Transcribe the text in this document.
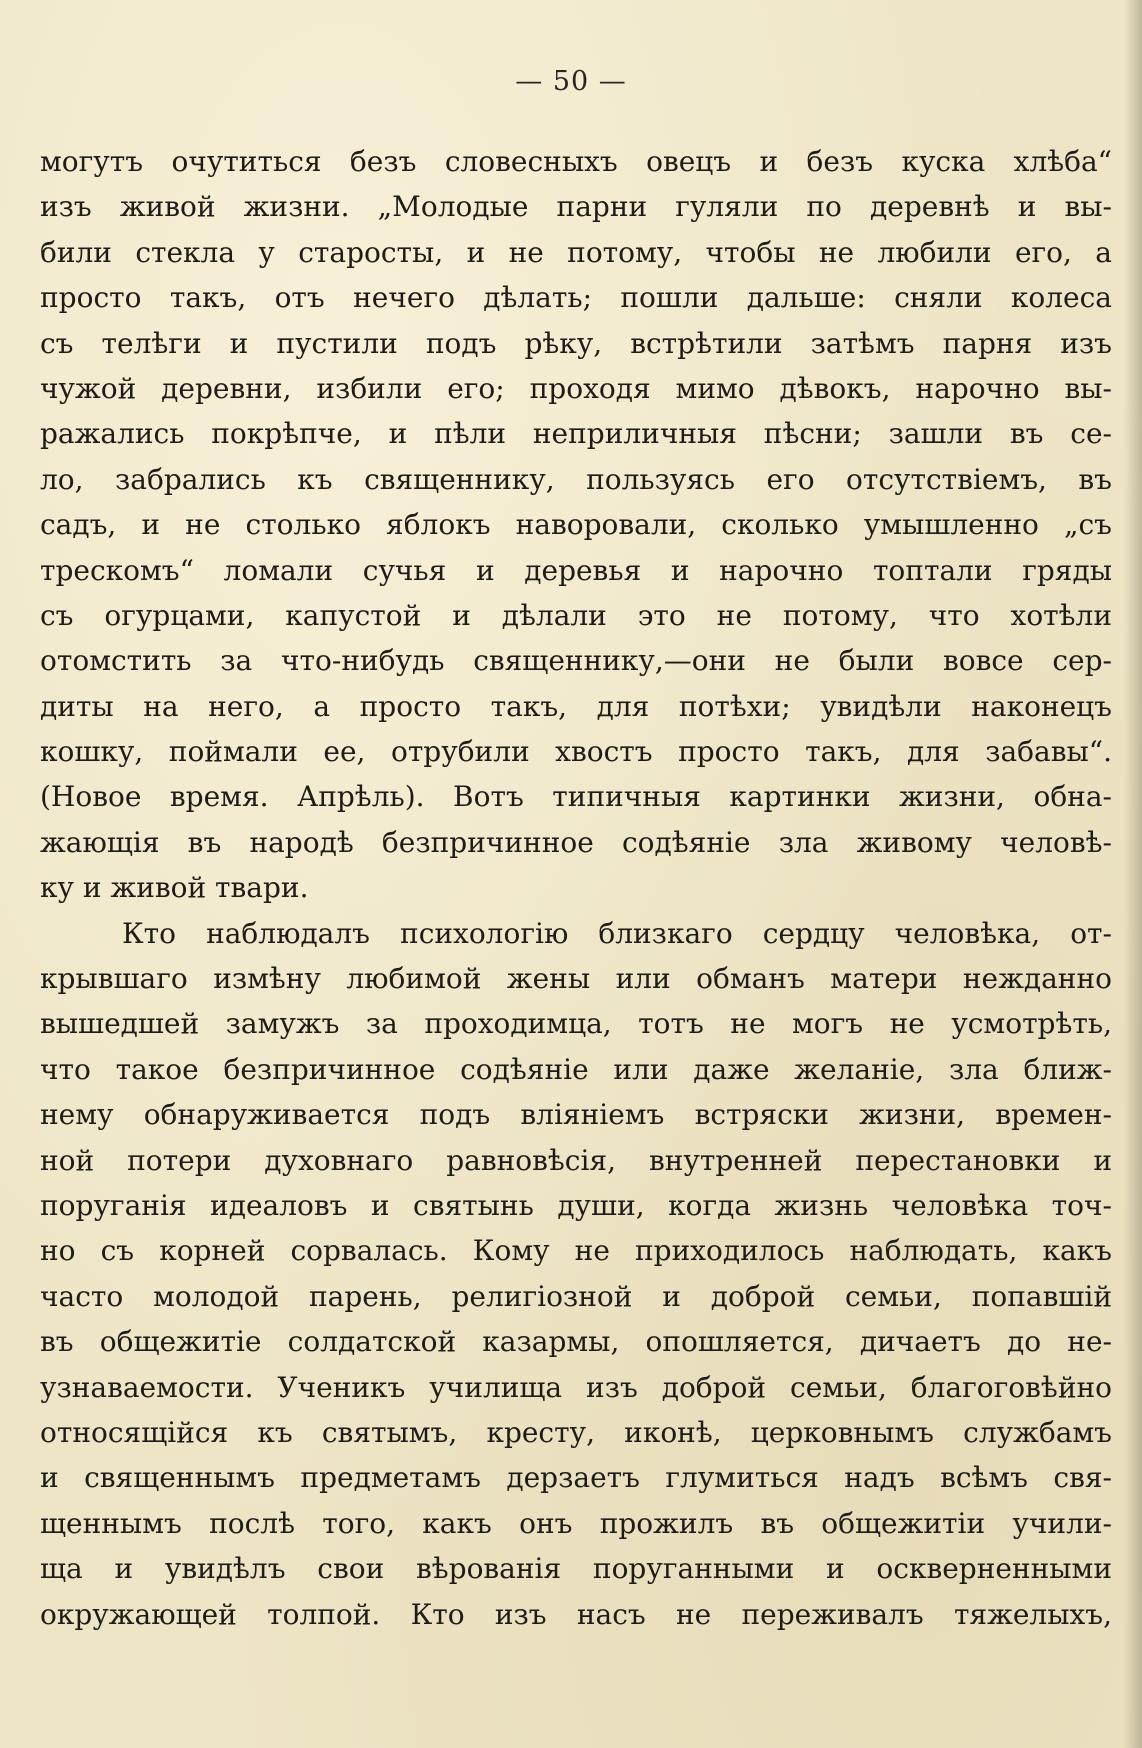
— 50 —
могутъ очутиться безъ словесныхъ овецъ и безъ куска хлѣба“
изъ живой жизни. „Молодые парни гуляли по деревнѣ и вы-
били стекла у старосты, и не потому, чтобы не любили его, а
просто такъ, отъ нечего дѣлать; пошли дальше: сняли колеса
съ телѣги и пустили подъ рѣку, встрѣтили затѣмъ парня изъ
чужой деревни, избили его; проходя мимо дѣвокъ, нарочно вы-
ражались покрѣпче, и пѣли неприличныя пѣсни; зашли въ се-
ло, забрались къ священнику, пользуясь его отсутствіемъ, въ
садъ, и не столько яблокъ наворовали, сколько умышленно „съ
трескомъ“ ломали сучья и деревья и нарочно топтали гряды
съ огурцами, капустой и дѣлали это не потому, что хотѣли
отомстить за что-нибудь священнику,—они не были вовсе сер-
диты на него, а просто такъ, для потѣхи; увидѣли наконецъ
кошку, поймали ее, отрубили хвостъ просто такъ, для забавы“.
(Новое время. Апрѣль). Вотъ типичныя картинки жизни, обна-
жающія въ народѣ безпричинное содѣяніе зла живому человѣ-
ку и живой твари.
Кто наблюдалъ психологію близкаго сердцу человѣка, от-
крывшаго измѣну любимой жены или обманъ матери нежданно
вышедшей замужъ за проходимца, тотъ не могъ не усмотрѣть,
что такое безпричинное содѣяніе или даже желаніе, зла ближ-
нему обнаруживается подъ вліяніемъ встряски жизни, времен-
ной потери духовнаго равновѣсія, внутренней перестановки и
поруганія идеаловъ и святынь души, когда жизнь человѣка точ-
но съ корней сорвалась. Кому не приходилось наблюдать, какъ
часто молодой парень, религіозной и доброй семьи, попавшій
въ общежитіе солдатской казармы, опошляется, дичаетъ до не-
узнаваемости. Ученикъ училища изъ доброй семьи, благоговѣйно
относящійся къ святымъ, кресту, иконѣ, церковнымъ службамъ
и священнымъ предметамъ дерзаетъ глумиться надъ всѣмъ свя-
щеннымъ послѣ того, какъ онъ прожилъ въ общежитіи учили-
ща и увидѣлъ свои вѣрованія поруганными и оскверненными
окружающей толпой. Кто изъ насъ не переживалъ тяжелыхъ,
